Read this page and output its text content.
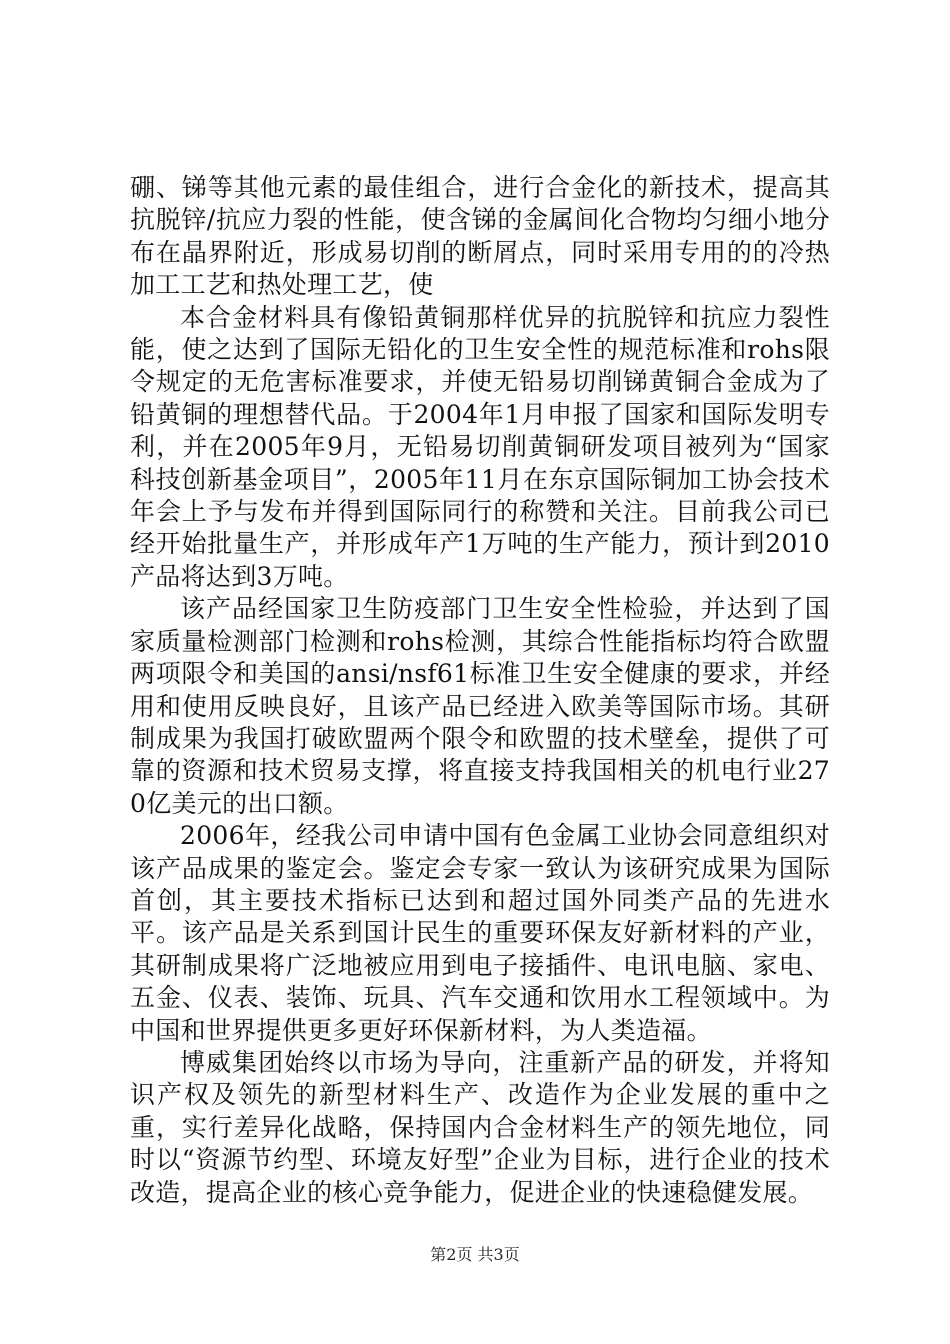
硼、锑等其他元素的最佳组合，进行合金化的新技术，提高其抗脱锌/抗应力裂的性能，使含锑的金属间化合物均匀细小地分布在晶界附近，形成易切削的断屑点，同时采用专用的的冷热加工工艺和热处理工艺，使

本合金材料具有像铅黄铜那样优异的抗脱锌和抗应力裂性能，使之达到了国际无铅化的卫生安全性的规范标准和rohs限令规定的无危害标准要求，并使无铅易切削锑黄铜合金成为了铅黄铜的理想替代品。于2004年1月申报了国家和国际发明专利，并在2005年9月，无铅易切削黄铜研发项目被列为“国家科技创新基金项目”，2005年11月在东京国际铜加工协会技术年会上予与发布并得到国际同行的称赞和关注。目前我公司已经开始批量生产，并形成年产1万吨的生产能力，预计到2010产品将达到3万吨。

该产品经国家卫生防疫部门卫生安全性检验，并达到了国家质量检测部门检测和rohs检测，其综合性能指标均符合欧盟两项限令和美国的ansi/nsf61标准卫生安全健康的要求，并经用和使用反映良好，且该产品已经进入欧美等国际市场。其研制成果为我国打破欧盟两个限令和欧盟的技术壁垒，提供了可靠的资源和技术贸易支撑，将直接支持我国相关的机电行业270亿美元的出口额。

2006年，经我公司申请中国有色金属工业协会同意组织对该产品成果的鉴定会。鉴定会专家一致认为该研究成果为国际首创，其主要技术指标已达到和超过国外同类产品的先进水平。该产品是关系到国计民生的重要环保友好新材料的产业，其研制成果将广泛地被应用到电子接插件、电讯电脑、家电、五金、仪表、装饰、玩具、汽车交通和饮用水工程领域中。为中国和世界提供更多更好环保新材料，为人类造福。

博威集团始终以市场为导向，注重新产品的研发，并将知识产权及领先的新型材料生产、改造作为企业发展的重中之重，实行差异化战略，保持国内合金材料生产的领先地位，同时以“资源节约型、环境友好型”企业为目标，进行企业的技术改造，提高企业的核心竞争能力，促进企业的快速稳健发展。

第2页 共3页
